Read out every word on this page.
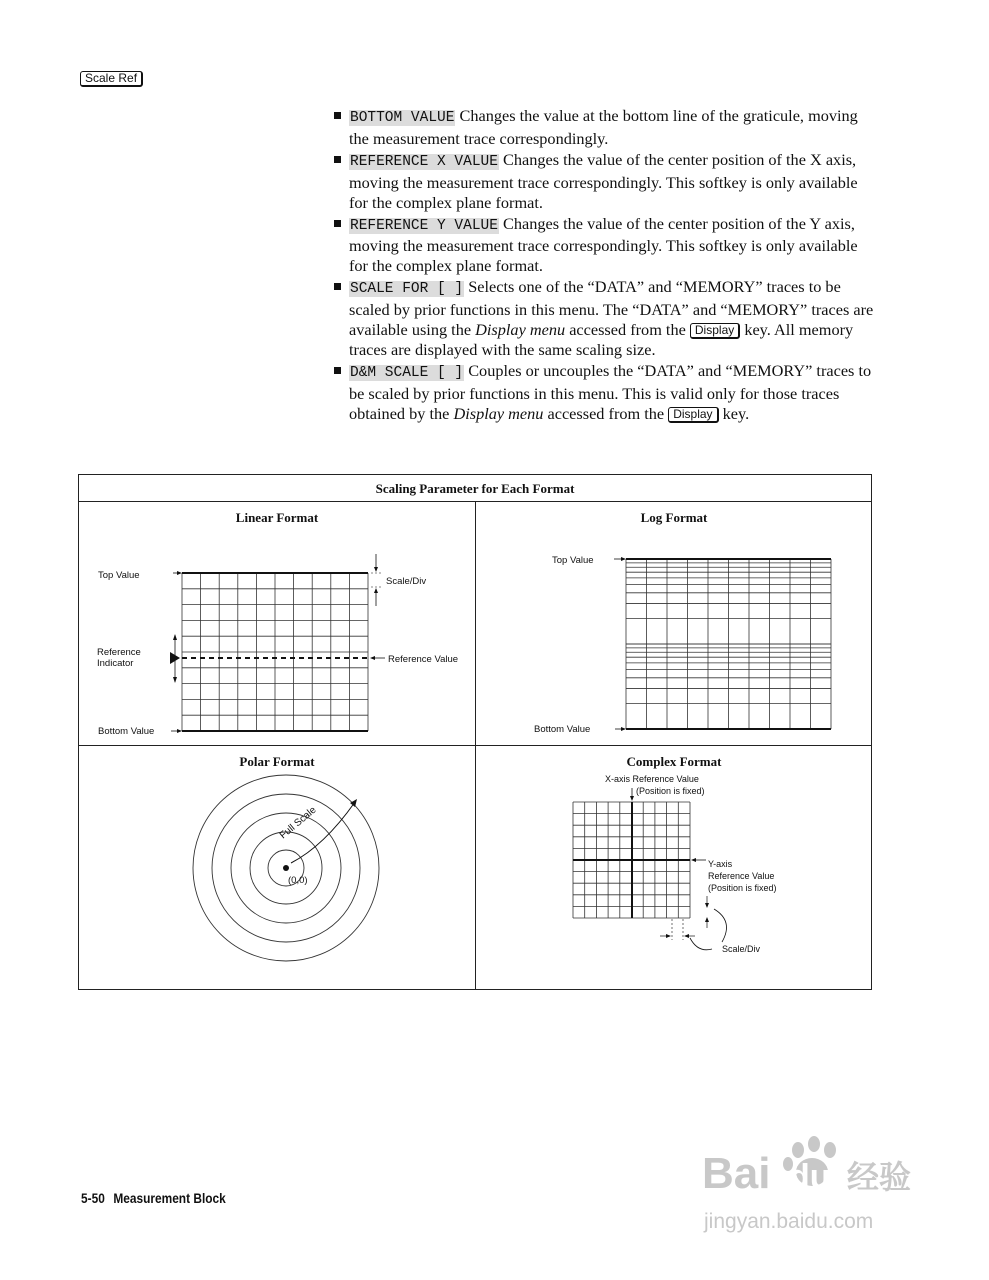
Scale Ref
BOTTOM VALUE Changes the value at the bottom line of the graticule, moving the measurement trace correspondingly.
REFERENCE X VALUE Changes the value of the center position of the X axis, moving the measurement trace correspondingly. This softkey is only available for the complex plane format.
REFERENCE Y VALUE Changes the value of the center position of the Y axis, moving the measurement trace correspondingly. This softkey is only available for the complex plane format.
SCALE FOR [ ] Selects one of the “DATA” and “MEMORY” traces to be scaled by prior functions in this menu. The “DATA” and “MEMORY” traces are available using the Display menu accessed from the Display key. All memory traces are displayed with the same scaling size.
D&M SCALE [ ] Couples or uncouples the “DATA” and “MEMORY” traces to be scaled by prior functions in this menu. This is valid only for those traces obtained by the Display menu accessed from the Display key.
Scaling Parameter for Each Format
Linear Format
Top Value
Scale/Div
Reference
Indicator	Reference Value
Bottom Value
Log Format
Top Value
Bottom Value
Polar Format
(0,0)
Full Scale
Complex Format
X-axis Reference Value
(Position is fixed)
Y-axis
Reference Value
(Position is fixed)
Scale/Div
5-50 Measurement Block	Bai du 经验
jingyan.baidu.com
